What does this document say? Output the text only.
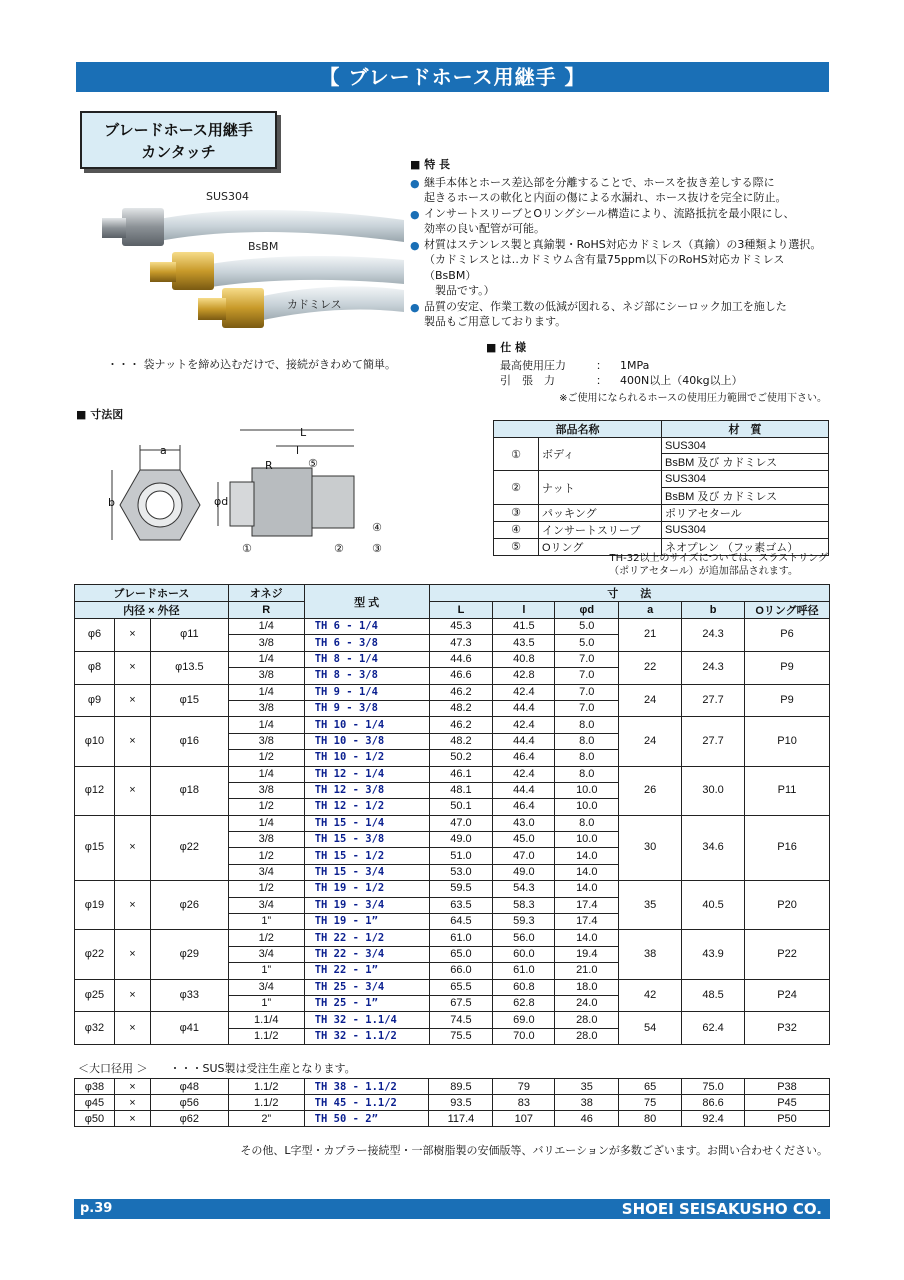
【 ブレードホース用継手 】
ブレードホース用継手
カンタッチ
SUS304
BsBM
カドミレス
・・・ 袋ナットを締め込むだけで、接続がきわめて簡単。
■ 特 長
● 継手本体とホース差込部を分離することで、ホースを抜き差しする際に
起きるホースの軟化と内面の傷による水漏れ、ホース抜けを完全に防止。
● インサートスリーブとOリングシール構造により、流路抵抗を最小限にし、
効率の良い配管が可能。
● 材質はステンレス製と真鍮製・RoHS対応カドミレス（真鍮）の3種類より選択。
（カドミレスとは‥カドミウム含有量75ppm以下のRoHS対応カドミレス（BsBM）
　製品です。）
● 品質の安定、作業工数の低減が図れる、ネジ部にシーロック加工を施した
製品もご用意しております。
■ 仕 様
最高使用圧力	：	1MPa
引　張　力	：	400N以上（40kg以上）
※ご使用になられるホースの使用圧力範囲でご使用下さい。
■ 寸法図
a
b
L
l
R
φd
①	②	③
④
⑤
部品名称		材　質
①	ボディ	SUS304
		BsBM 及び カドミレス
②	ナット	SUS304
		BsBM 及び カドミレス
③	パッキング	ポリアセタール
④	インサートスリーブ	SUS304
⑤	Oリング	ネオプレン （フッ素ゴム）
TH-32以上のサイズについては、スラストリング
（ポリアセタール）が追加部品されます。
ブレードホース			オネジ	型 式	寸　　法					
内径 × 外径			R		L	l	φd	a	b	Oリング呼径
φ6	×	φ11	1/4	TH 6 - 1/4	45.3	41.5	5.0	21	24.3	P6
			3/8	TH 6 - 3/8	47.3	43.5	5.0			
φ8	×	φ13.5	1/4	TH 8 - 1/4	44.6	40.8	7.0	22	24.3	P9
			3/8	TH 8 - 3/8	46.6	42.8	7.0			
φ9	×	φ15	1/4	TH 9 - 1/4	46.2	42.4	7.0	24	27.7	P9
			3/8	TH 9 - 3/8	48.2	44.4	7.0			
φ10	×	φ16	1/4	TH 10 - 1/4	46.2	42.4	8.0	24	27.7	P10
			3/8	TH 10 - 3/8	48.2	44.4	8.0			
			1/2	TH 10 - 1/2	50.2	46.4	8.0			
φ12	×	φ18	1/4	TH 12 - 1/4	46.1	42.4	8.0	26	30.0	P11
			3/8	TH 12 - 3/8	48.1	44.4	10.0			
			1/2	TH 12 - 1/2	50.1	46.4	10.0			
φ15	×	φ22	1/4	TH 15 - 1/4	47.0	43.0	8.0	30	34.6	P16
			3/8	TH 15 - 3/8	49.0	45.0	10.0			
			1/2	TH 15 - 1/2	51.0	47.0	14.0			
			3/4	TH 15 - 3/4	53.0	49.0	14.0			
φ19	×	φ26	1/2	TH 19 - 1/2	59.5	54.3	14.0	35	40.5	P20
			3/4	TH 19 - 3/4	63.5	58.3	17.4			
			1”	TH 19 - 1”	64.5	59.3	17.4			
φ22	×	φ29	1/2	TH 22 - 1/2	61.0	56.0	14.0	38	43.9	P22
			3/4	TH 22 - 3/4	65.0	60.0	19.4			
			1”	TH 22 - 1”	66.0	61.0	21.0			
φ25	×	φ33	3/4	TH 25 - 3/4	65.5	60.8	18.0	42	48.5	P24
			1”	TH 25 - 1”	67.5	62.8	24.0			
φ32	×	φ41	1.1/4	TH 32 - 1.1/4	74.5	69.0	28.0	54	62.4	P32
			1.1/2	TH 32 - 1.1/2	75.5	70.0	28.0			
＜大口径用 ＞　　・・・SUS製は受注生産となります。
φ38	×	φ48	1.1/2	TH 38 - 1.1/2	89.5	79	35	65	75.0	P38
φ45	×	φ56	1.1/2	TH 45 - 1.1/2	93.5	83	38	75	86.6	P45
φ50	×	φ62	2”	TH 50 - 2”	117.4	107	46	80	92.4	P50
その他、L字型・カプラー接続型・一部樹脂製の安価版等、バリエーションが多数ございます。お問い合わせください。
p.39	SHOEI SEISAKUSHO CO.
